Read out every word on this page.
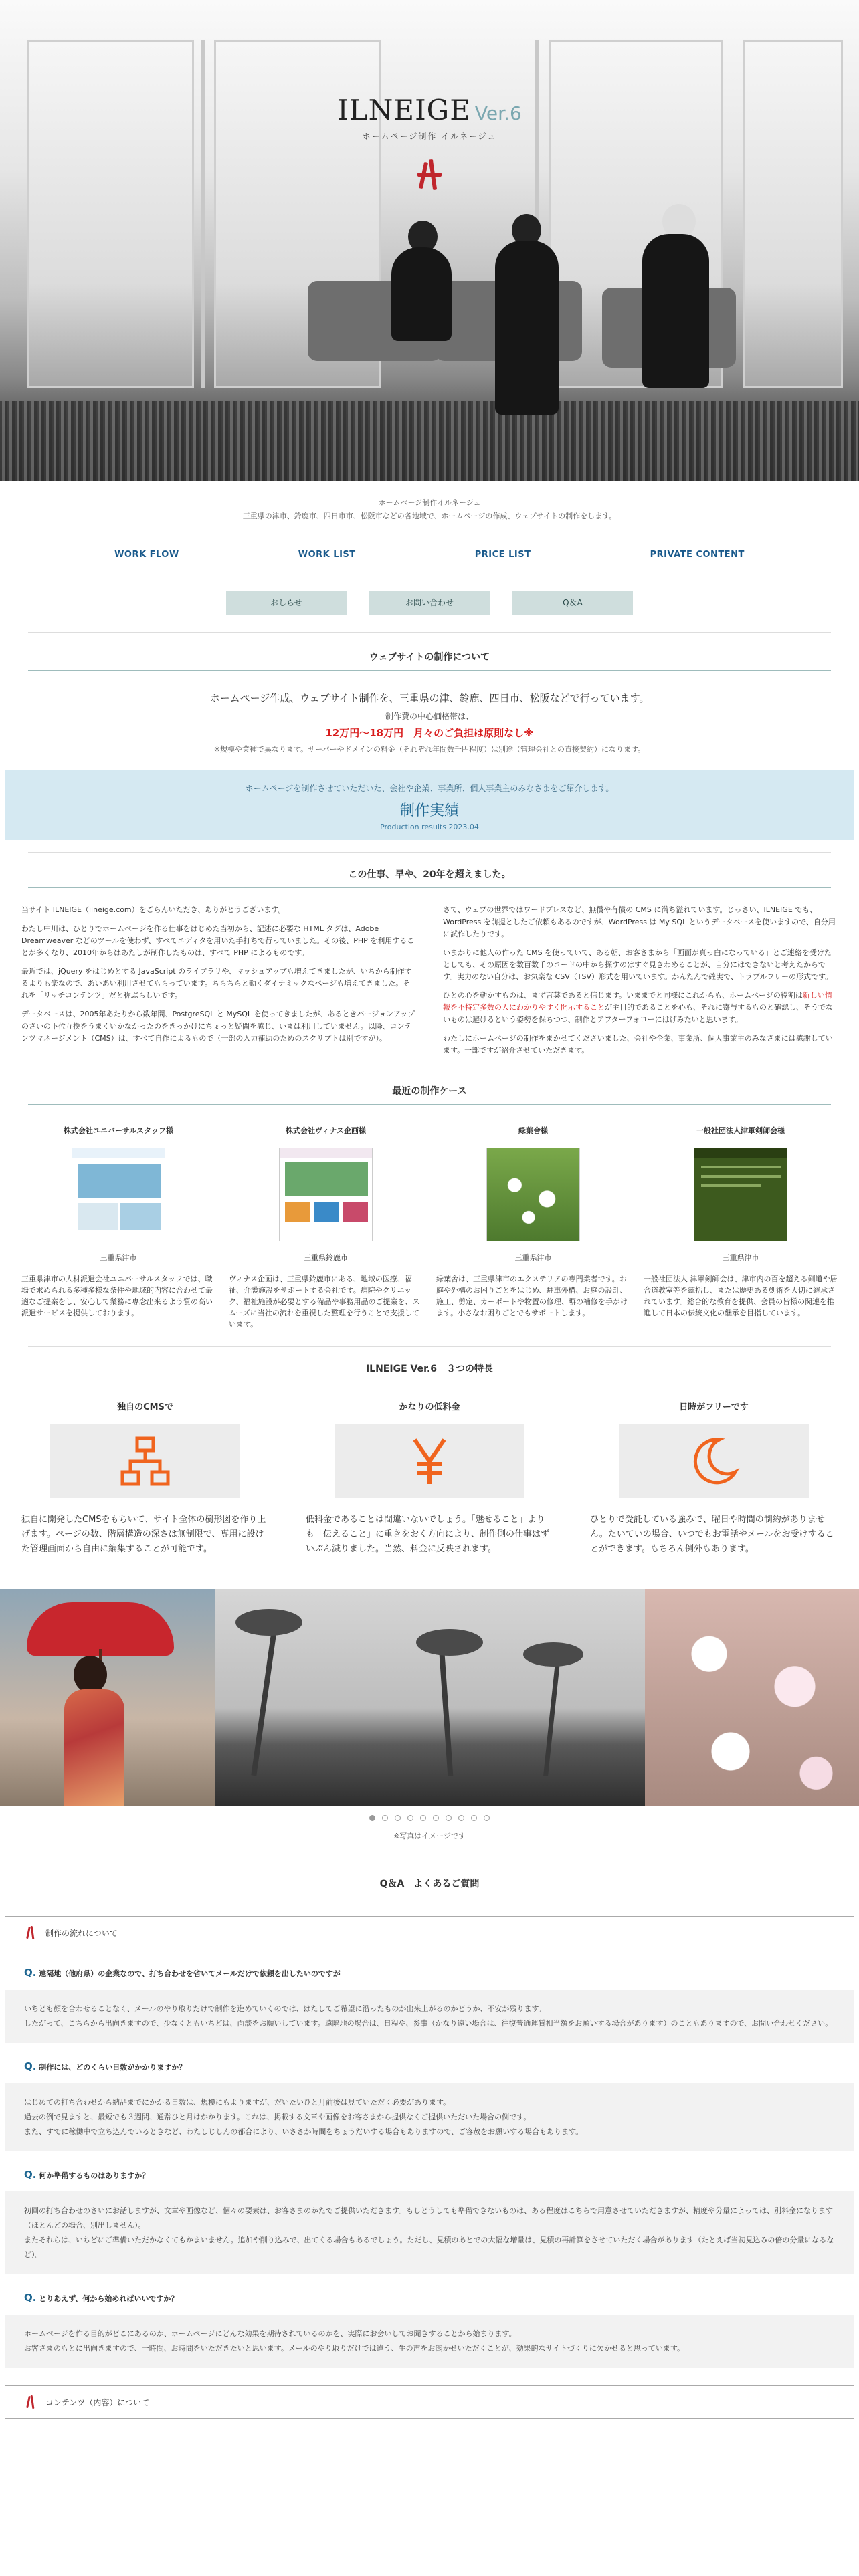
ILNEIGE Ver.6
ホームページ制作 イルネージュ
ホームページ制作イルネージュ
三重県の津市、鈴鹿市、四日市市、松阪市などの各地域で、ホームページの作成、ウェブサイトの制作をします。
WORK FLOW	WORK LIST	PRICE LIST	PRIVATE CONTENT
おしらせ	お問い合わせ	Q＆A
ウェブサイトの制作について
ホームページ作成、ウェブサイト制作を、三重県の津、鈴鹿、四日市、松阪などで行っています。
制作費の中心価格帯は、
12万円～18万円　月々のご負担は原則なし※
※規模や業種で異なります。サーバーやドメインの料金（それぞれ年間数千円程度）は別途（管理会社との直接契約）になります。
ホームページを制作させていただいた、会社や企業、事業所、個人事業主のみなさまをご紹介します。
制作実績
Production results 2023.04
この仕事、早や、20年を超えました。

当サイト ILNEIGE（ilneige.com）をごらんいただき、ありがとうございます。

わたし中川は、ひとりでホームページを作る仕事をはじめた当初から、記述に必要な HTML タグは、Adobe Dreamweaver などのツールを使わず、すべてエディタを用いた手打ちで行っていました。その後、PHP を利用することが多くなり、2010年からはあたしが制作したものは、すべて PHP によるものです。

最近では、jQuery をはじめとする JavaScript のライブラリや、マッシュアップも増えてきましたが、いちから制作するよりも楽なので、あいあい利用させてもらっています。ちらちらと動くダイナミックなページも増えてきました。それを「リッチコンテンツ」だと称ぶらしいです。

データベースは、2005年あたりから数年間、PostgreSQL と MySQL を使ってきましたが、あるときバージョンアップのさいの下位互換をうまくいかなかったのをきっかけにちょっと疑問を感じ、いまは利用していません。以降、コンテンツマネージメント（CMS）は、すべて自作によるもので（一部の入力補助のためのスクリプトは別ですが）。

さて、ウェブの世界ではワードプレスなど、無償や有償の CMS に満ち溢れています。じっさい、ILNEIGE でも、WordPress を前提としたご依頼もあるのですが、WordPress は My SQL というデータベースを使いますので、自分用に試作したりです。

いまかりに他人の作った CMS を使っていて、ある朝、お客さまから「画面が真っ白になっている」とご連絡を受けたとしても、その原因を数百数千のコードの中から探すのはすぐ見きわめることが、自分にはできないと考えたからです。実力のない自分は、お気楽な CSV（TSV）形式を用いています。かんたんで確実で、トラブルフリーの形式です。

ひとの心を動かすものは、まず言葉であると信じます。いままでと同様にこれからも、ホームページの役割は新しい情報を不特定多数の人にわかりやすく開示することが主目的であることを心も、それに寄与するものと確認し、そうでないものは避けるという姿勢を保ちつつ、制作とアフターフォローにはげみたいと思います。

わたしにホームページの制作をまかせてくださいました、会社や企業、事業所、個人事業主のみなさまには感謝しています。一部ですが紹介させていただきます。

最近の制作ケース
株式会社ユニバーサルスタッフ様
三重県津市
三重県津市の人材派遣会社ユニバーサルスタッフでは、職場で求められる多種多様な条件や地域的内容に合わせて最適なご提案をし、安心して業務に専念出来るよう質の高い派遣サービスを提供しております。
株式会社ヴィナス企画様
三重県鈴鹿市
ヴィナス企画は、三重県鈴鹿市にある、地域の医療、福祉、介護施設をサポートする会社です。病院やクリニック、福祉施設が必要とする備品や事務用品のご提案を、スムーズに当社の流れを重視した整理を行うことで支援しています。
緑葉舎様
三重県津市
緑葉舎は、三重県津市のエクステリアの専門業者です。お庭や外構のお困りごとをはじめ、駐車外構、お庭の設計、施工、剪定、カーポートや物置の修理、塀の補修を手がけます。小さなお困りごとでもサポートします。
一般社団法人津軍剣師会様
三重県津市
一般社団法人 津軍剣師会は、津市内の百を超える剣道や居合道教室等を統括し、または歴史ある剣術を大切に継承されています。総合的な教育を提供、会員の皆様の関連を推進して日本の伝統文化の継承を目指しています。
ILNEIGE Ver.6　３つの特長
独自のCMSで
独自に開発したCMSをもちいて、サイト全体の樹形図を作り上げます。ページの数、階層構造の深さは無制限で、専用に設けた管理画面から自由に編集することが可能です。
かなりの低料金
低料金であることは間違いないでしょう。「魅せること」よりも「伝えること」に重きをおく方向により、制作側の仕事はずいぶん減りました。当然、料金に反映されます。
日時がフリーです
ひとりで受託している強みで、曜日や時間の制約がありません。たいていの場合、いつでもお電話やメールをお受けすることができます。もちろん例外もあります。
※写真はイメージです
Q＆A　よくあるご質問
制作の流れについて
Q. 遠隔地（他府県）の企業なので、打ち合わせを省いてメールだけで依頼を出したいのですが
いちども顔を合わせることなく、メールのやり取りだけで制作を進めていくのでは、はたしてご希望に沿ったものが出来上がるのかどうか、不安が残ります。
したがって、こちらから出向きますので、少なくともいちどは、面談をお願いしています。遠隔地の場合は、日程や、参事（かなり遠い場合は、往復普通運賃相当額をお願いする場合があります）のこともありますので、お問い合わせください。
Q. 制作には、どのくらい日数がかかりますか？
はじめての打ち合わせから納品までにかかる日数は、規模にもよりますが、だいたいひと月前後は見ていただく必要があります。
過去の例で見ますと、最短でも３週間、通常ひと月はかかります。これは、掲載する文章や画像をお客さまから提供なくご提供いただいた場合の例です。
また、すでに稼働中で立ち込んでいるときなど、わたしじしんの都合により、いささか時間をちょうだいする場合もありますので、ご容赦をお願いする場合もあります。
Q. 何か準備するものはありますか？
初回の打ち合わせのさいにお話しますが、文章や画像など、個々の要素は、お客さまのかたでご提供いただきます。もしどうしても準備できないものは、ある程度はこちらで用意させていただきますが、精度や分量によっては、別料金になります（ほとんどの場合、別出しません）。
またそれらは、いちどにご準備いただかなくてもかまいません。追加や削り込みで、出てくる場合もあるでしょう。ただし、見積のあとでの大幅な増量は、見積の再計算をさせていただく場合があります（たとえば当初見込みの倍の分量になるなど）。
Q. とりあえず、何から始めればいいですか？
ホームページを作る目的がどこにあるのか、ホームページにどんな効果を期待されているのかを、実際にお会いしてお聞きすることから始まります。
お客さまのもとに出向きますので、一時間、お時間をいただきたいと思います。メールのやり取りだけでは違う、生の声をお聞かせいただくことが、効果的なサイトづくりに欠かせると思っています。
コンテンツ（内容）について
